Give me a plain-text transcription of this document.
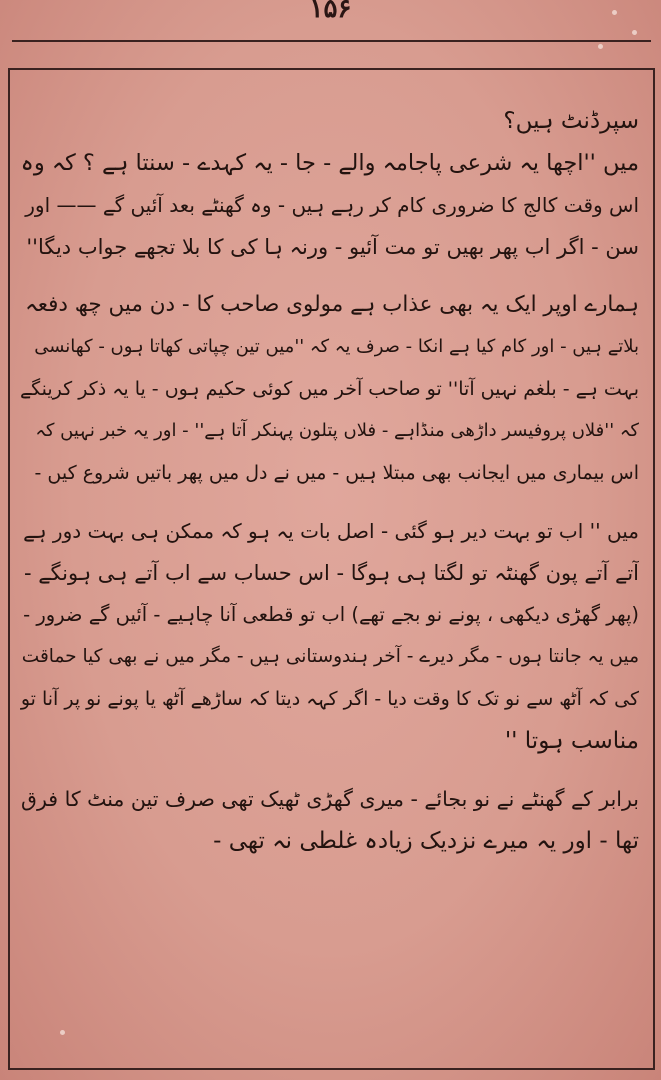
۱۵۶
سپرڈنٹ ہیں؟
میں ''اچھا یہ شرعی پاجامہ والے - جا - یہ کہدے - سنتا ہے ؟ کہ وہ
اس وقت کالج کا ضروری کام کر رہے ہیں - وہ گھنٹے بعد آئیں گے —— اور
سن - اگر اب پھر بھیں تو مت آئیو - ورنہ ہا کی کا بلا تجھے جواب دیگا''
ہمارے اوپر ایک یہ بھی عذاب ہے مولوی صاحب کا - دن میں چھ دفعہ
بلاتے ہیں - اور کام کیا ہے انکا - صرف یہ کہ ''میں تین چپاتی کھاتا ہوں - کھانسی
بہت ہے - بلغم نہیں آتا'' تو صاحب آخر میں کوئی حکیم ہوں - یا یہ ذکر کرینگے
کہ ''فلاں پروفیسر داڑھی منڈاہے - فلاں پتلون پہنکر آتا ہے'' - اور یہ خبر نہیں کہ
اس بیماری میں ایجانب بھی مبتلا ہیں - میں نے دل میں پھر باتیں شروع کیں -
میں '' اب تو بہت دیر ہو گئی - اصل بات یہ ہو کہ ممکن ہی بہت دور ہے
آتے آتے پون گھنٹہ تو لگتا ہی ہوگا - اس حساب سے اب آتے ہی ہونگے -
(پھر گھڑی دیکھی ، پونے نو بجے تھے) اب تو قطعی آنا چاہیے - آئیں گے ضرور -
میں یہ جانتا ہوں - مگر دیرے - آخر ہندوستانی ہیں - مگر میں نے بھی کیا حماقت
کی کہ آٹھ سے نو تک کا وقت دیا - اگر کہہ دیتا کہ ساڑھے آٹھ یا پونے نو پر آنا تو
مناسب ہوتا ''
برابر کے گھنٹے نے نو بجائے - میری گھڑی ٹھیک تھی صرف تین منٹ کا فرق
تھا - اور یہ میرے نزدیک زیادہ غلطی نہ تھی -
